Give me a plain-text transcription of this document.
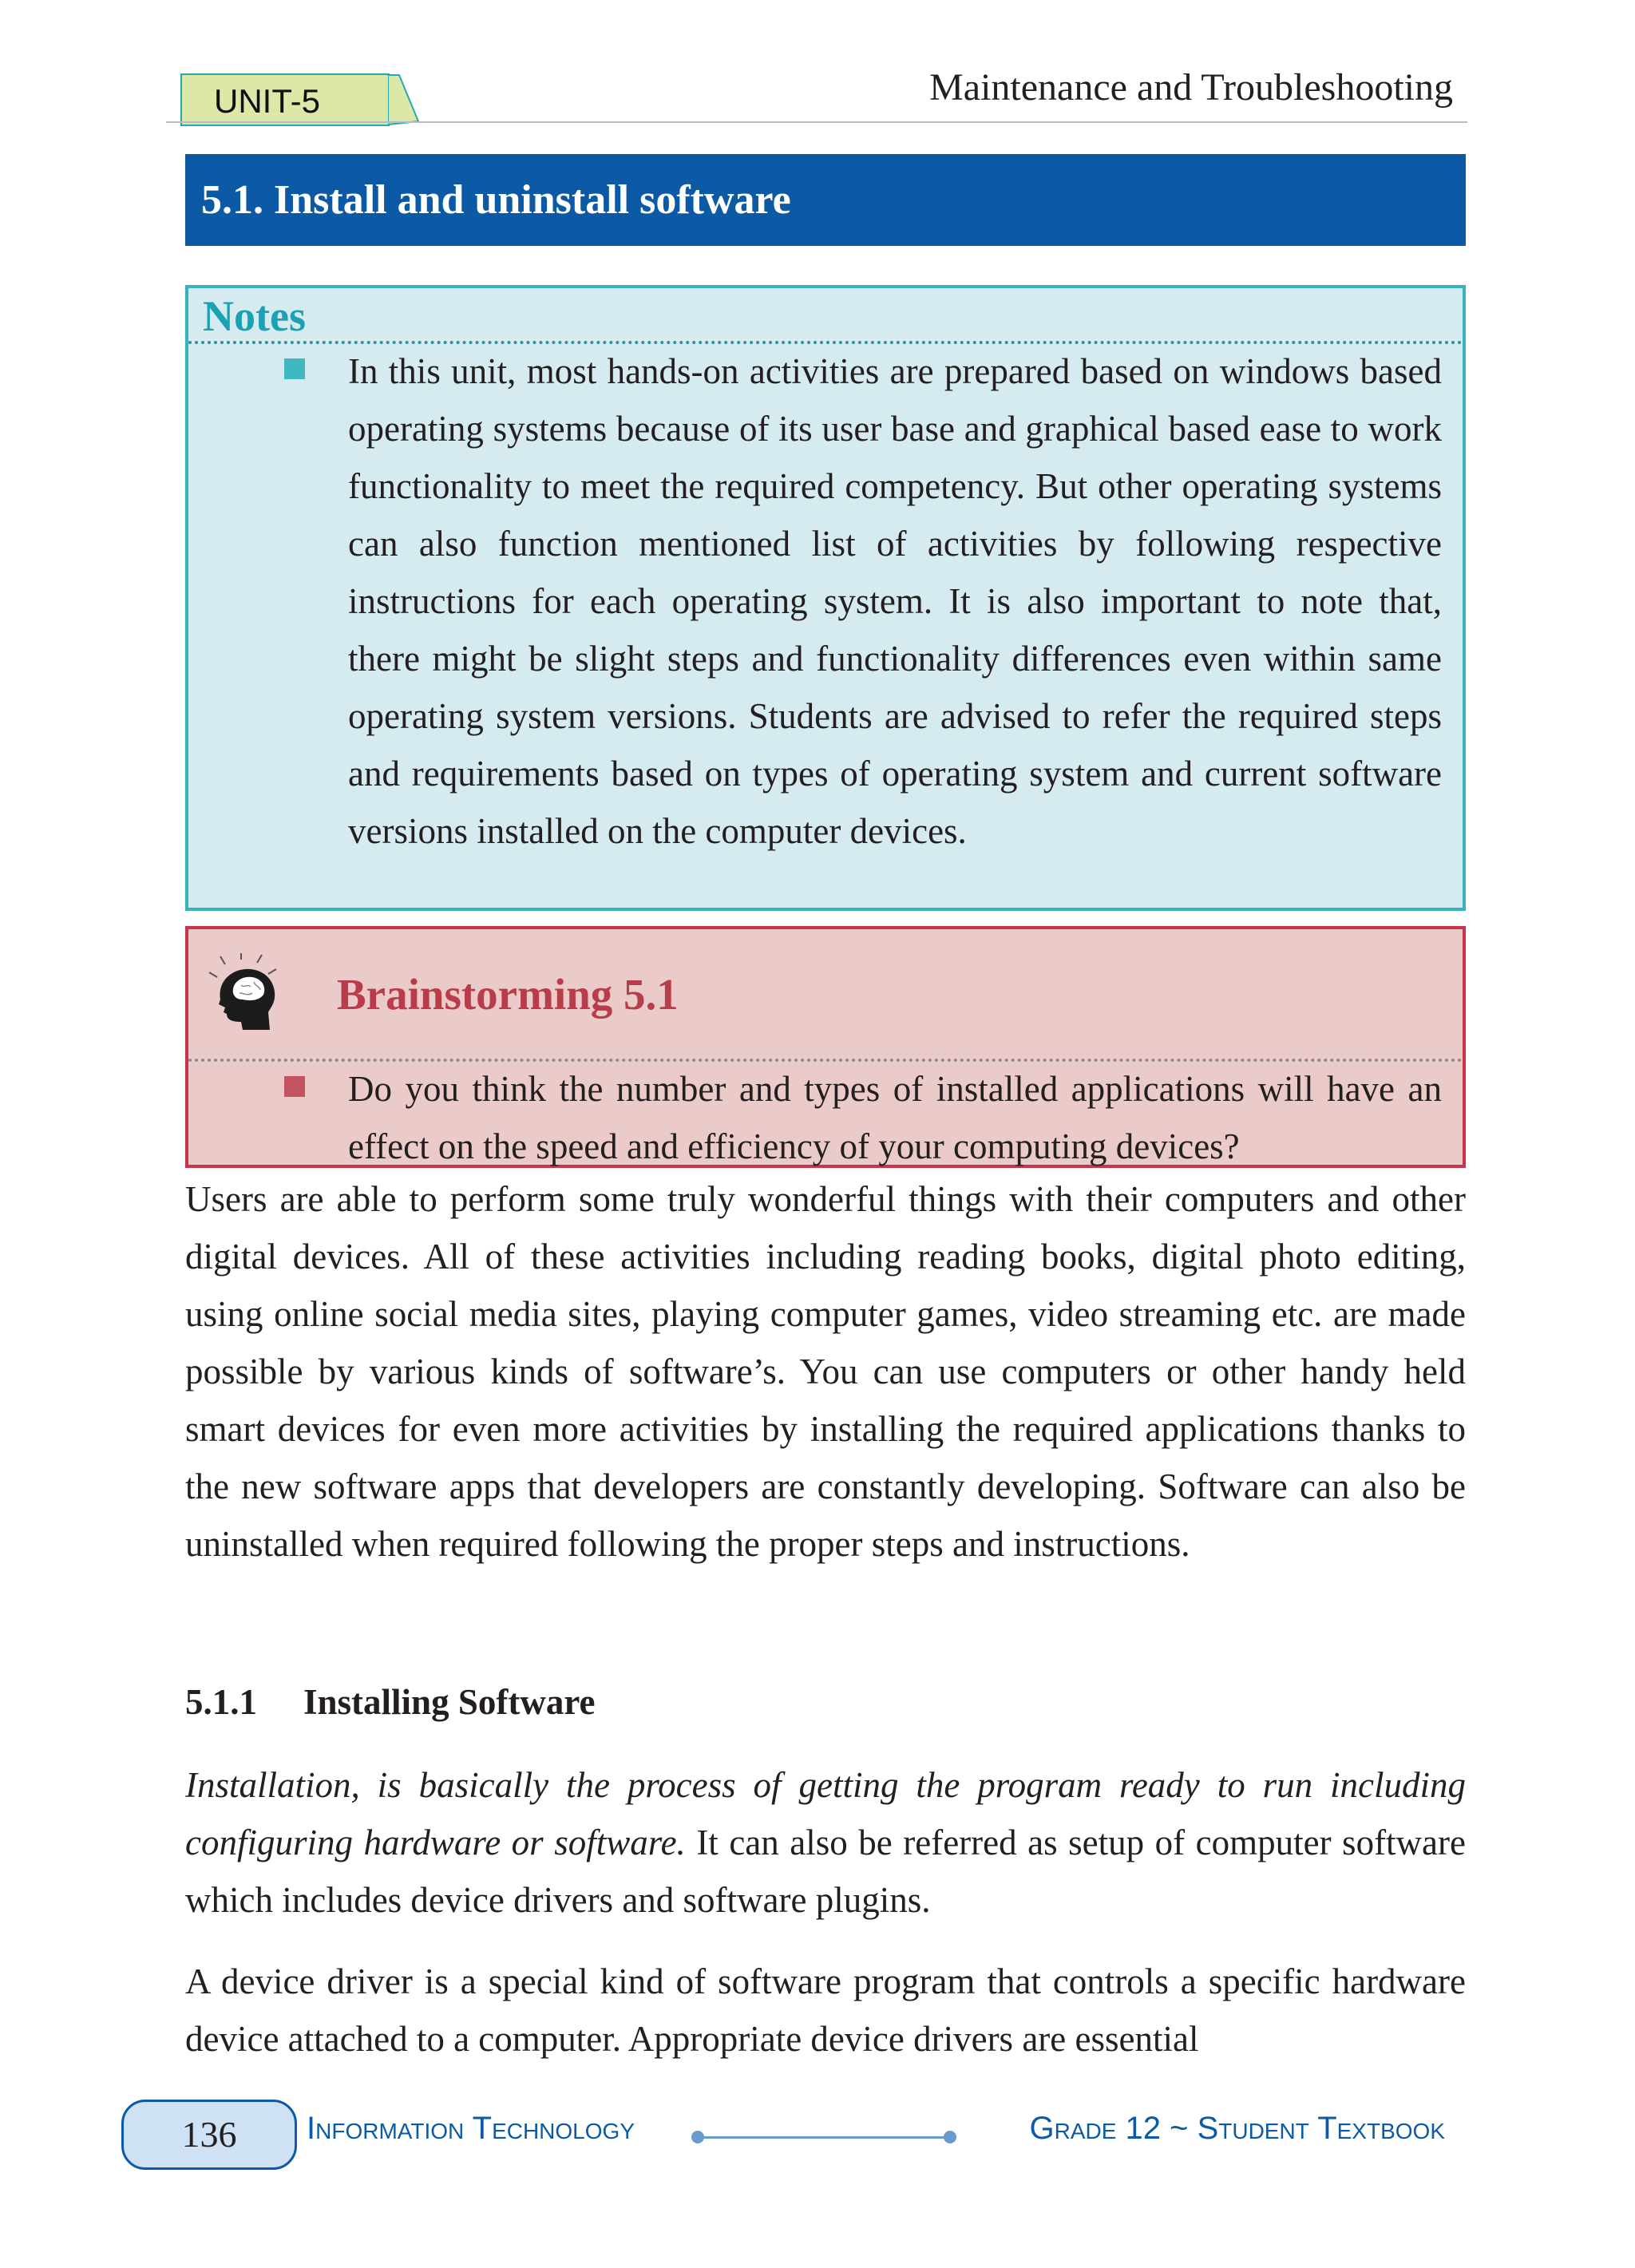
UNIT-5	Maintenance and Troubleshooting
5.1. Install and uninstall software
Notes
In this unit, most hands-on activities are prepared based on windows based operating systems because of its user base and graphical based ease to work functionality to meet the required competency. But other operating systems can also function mentioned list of activities by following respective instructions for each operating system. It is also important to note that, there might be slight steps and functionality differences even within same operating system versions. Students are advised to refer the required steps and requirements based on types of operating system and current software versions installed on the computer devices.
Brainstorming 5.1
Do you think the number and types of installed applications will have an effect on the speed and efficiency of your computing devices?
Users are able to perform some truly wonderful things with their computers and other digital devices. All of these activities including reading books, digital photo editing, using online social media sites, playing computer games, video streaming etc. are made possible by various kinds of software’s. You can use computers or other handy held smart devices for even more activities by installing the required applications thanks to the new software apps that developers are constantly developing. Software can also be uninstalled when required following the proper steps and instructions.
5.1.1 Installing Software
Installation, is basically the process of getting the program ready to run including configuring hardware or software. It can also be referred as setup of computer software which includes device drivers and software plugins.
A device driver is a special kind of software program that controls a specific hardware device attached to a computer. Appropriate device drivers are essential
136	Information Technology	Grade 12 ~ Student Textbook
